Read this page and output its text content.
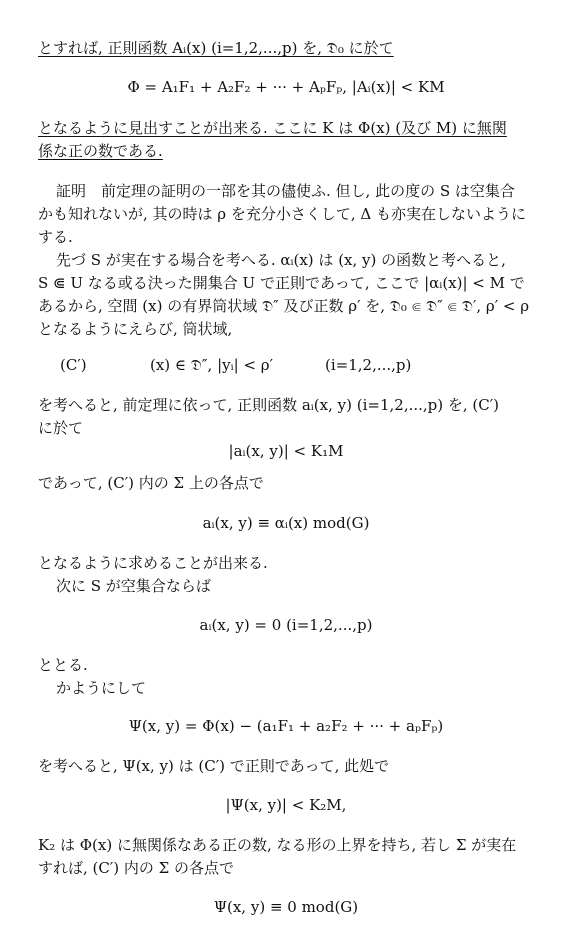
とすれば, 正則函数 Aᵢ(x) (i=1,2,...,p) を, 𝔇₀ に於て
Φ = A₁F₁ + A₂F₂ + ··· + AₚFₚ, |Aᵢ(x)| < KM
となるように見出すことが出来る. ここに K は Φ(x) (及び M) に無関
係な正の数である.
証明　前定理の証明の一部を其の儘使ふ. 但し, 此の度の S は空集合
かも知れないが, 其の時は ρ を充分小さくして, Δ も亦実在しないように
する.
先づ S が実在する場合を考へる. αᵢ(x) は (x, y) の函数と考へると,
S ⋐ U なる或る決った開集合 U で正則であって, ここで |αᵢ(x)| < M で
あるから, 空間 (x) の有界筒状域 𝔇″ 及び正数 ρ′ を, 𝔇₀ ⋐ 𝔇″ ⋐ 𝔇′, ρ′ < ρ
となるようにえらび, 筒状域,
(C′)	(x) ∈ 𝔇″, |yᵢ| < ρ′	(i=1,2,...,p)
を考へると, 前定理に依って, 正則函数 aᵢ(x, y) (i=1,2,...,p) を, (C′)
に於て
|aᵢ(x, y)| < K₁M
であって, (C′) 内の Σ 上の各点で
aᵢ(x, y) ≡ αᵢ(x) mod(G)
となるように求めることが出来る.
次に S が空集合ならば
aᵢ(x, y) = 0 (i=1,2,...,p)
ととる.
かようにして
Ψ(x, y) = Φ(x) − (a₁F₁ + a₂F₂ + ··· + aₚFₚ)
を考へると, Ψ(x, y) は (C′) で正則であって, 此処で
|Ψ(x, y)| < K₂M,
K₂ は Φ(x) に無関係なある正の数, なる形の上界を持ち, 若し Σ が実在
すれば, (C′) 内の Σ の各点で
Ψ(x, y) ≡ 0 mod(G)
